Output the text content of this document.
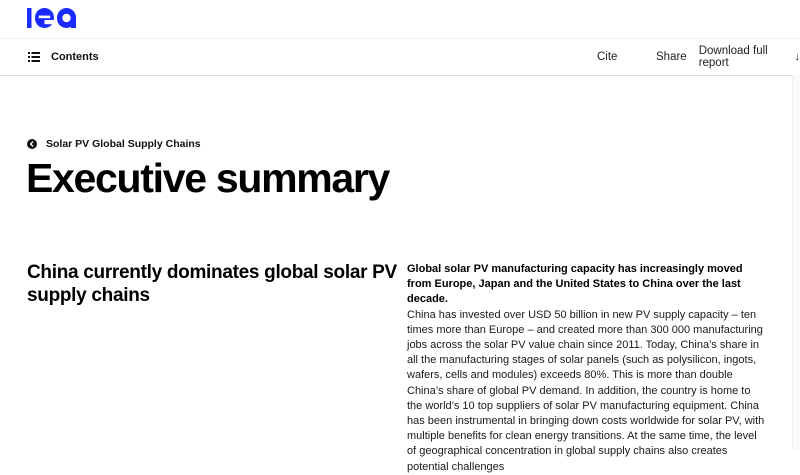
Contents	Cite	Share Download full report	↓
Solar PV Global Supply Chains
Executive summary
China currently dominates global solar PV supply chains

Global solar PV manufacturing capacity has increasingly moved from Europe, Japan and the United States to China over the last decade.

China has invested over USD 50 billion in new PV supply capacity – ten times more than Europe – and created more than 300 000 manufacturing jobs across the solar PV value chain since 2011. Today, China’s share in all the manufacturing stages of solar panels (such as polysilicon, ingots, wafers, cells and modules) exceeds 80%. This is more than double China’s share of global PV demand. In addition, the country is home to the world’s 10 top suppliers of solar PV manufacturing equipment. China has been instrumental in bringing down costs worldwide for solar PV, with multiple benefits for clean energy transitions. At the same time, the level of geographical concentration in global supply chains also creates potential challenges
